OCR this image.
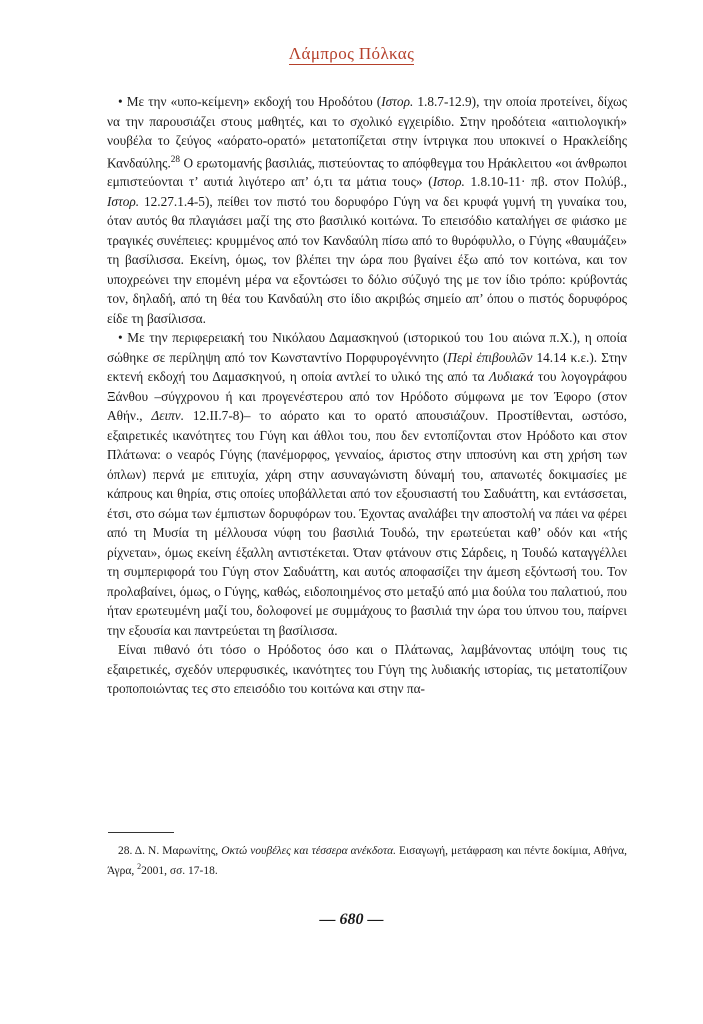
Λάμπρος Πόλκας

• Με την «υπο-κείμενη» εκδοχή του Ηροδότου (Ιστορ. 1.8.7-12.9), την οποία προτείνει, δίχως να την παρουσιάζει στους μαθητές, και το σχολικό εγχειρίδιο. Στην ηροδότεια «αιτιολογική» νουβέλα το ζεύγος «αόρατο-ορατό» μετατοπίζεται στην ίντριγκα που υποκινεί ο Ηρακλείδης Κανδαύλης.$^{28}$ Ο ερωτομανής βασιλιάς, πιστεύοντας το απόφθεγμα του Ηράκλειτου «οι άνθρωποι εμπιστεύονται τ’ αυτιά λιγότερο απ’ ό,τι τα μάτια τους» (Ιστορ. 1.8.10-11· πβ. στον Πολύβ., Ιστορ. 12.27.1.4-5), πείθει τον πιστό του δορυφόρο Γύγη να δει κρυφά γυμνή τη γυναίκα του, όταν αυτός θα πλαγιάσει μαζί της στο βασιλικό κοιτώνα. Το επεισόδιο καταλήγει σε φιάσκο με τραγικές συνέπειες: κρυμμένος από τον Κανδαύλη πίσω από το θυρόφυλλο, ο Γύγης «θαυμάζει» τη βασίλισσα. Εκείνη, όμως, τον βλέπει την ώρα που βγαίνει έξω από τον κοιτώνα, και τον υποχρεώνει την επομένη μέρα να εξοντώσει το δόλιο σύζυγό της με τον ίδιο τρόπο: κρύβοντάς τον, δηλαδή, από τη θέα του Κανδαύλη στο ίδιο ακριβώς σημείο απ’ όπου ο πιστός δορυφόρος είδε τη βασίλισσα.

• Με την περιφερειακή του Νικόλαου Δαμασκηνού (ιστορικού του 1ου αιώνα π.Χ.), η οποία σώθηκε σε περίληψη από τον Κωνσταντίνο Πορφυρογέννητο (Περὶ ἐπιβουλῶν 14.14 κ.ε.). Στην εκτενή εκδοχή του Δαμασκηνού, η οποία αντλεί το υλικό της από τα Λυδιακά του λογογράφου Ξάνθου –σύγχρονου ή και προγενέστερου από τον Ηρόδοτο σύμφωνα με τον Έφορο (στον Αθήν., Δειπν. 12.II.7-8)– το αόρατο και το ορατό απουσιάζουν. Προστίθενται, ωστόσο, εξαιρετικές ικανότητες του Γύγη και άθλοι του, που δεν εντοπίζονται στον Ηρόδοτο και στον Πλάτωνα: ο νεαρός Γύγης (πανέμορφος, γενναίος, άριστος στην ιπποσύνη και στη χρήση των όπλων) περνά με επιτυχία, χάρη στην ασυναγώνιστη δύναμή του, απανωτές δοκιμασίες με κάπρους και θηρία, στις οποίες υποβάλλεται από τον εξουσιαστή του Σαδυάττη, και εντάσσεται, έτσι, στο σώμα των έμπιστων δορυφόρων του. Έχοντας αναλάβει την αποστολή να πάει να φέρει από τη Μυσία τη μέλλουσα νύφη του βασιλιά Τουδώ, την ερωτεύεται καθ’ οδόν και «τής ρίχνεται», όμως εκείνη έξαλλη αντιστέκεται. Όταν φτάνουν στις Σάρδεις, η Τουδώ καταγγέλλει τη συμπεριφορά του Γύγη στον Σαδυάττη, και αυτός αποφασίζει την άμεση εξόντωσή του. Τον προλαβαίνει, όμως, ο Γύγης, καθώς, ειδοποιημένος στο μεταξύ από μια δούλα του παλατιού, που ήταν ερωτευμένη μαζί του, δολοφονεί με συμμάχους το βασιλιά την ώρα του ύπνου του, παίρνει την εξουσία και παντρεύεται τη βασίλισσα.

Είναι πιθανό ότι τόσο ο Ηρόδοτος όσο και ο Πλάτωνας, λαμβάνοντας υπόψη τους τις εξαιρετικές, σχεδόν υπερφυσικές, ικανότητες του Γύγη της λυδιακής ιστορίας, τις μετατοπίζουν τροποποιώντας τες στο επεισόδιο του κοιτώνα και στην πα-

28. Δ. Ν. Μαρωνίτης, Οκτώ νουβέλες και τέσσερα ανέκδοτα. Εισαγωγή, μετάφραση και πέντε δοκίμια, Αθήνα, Άγρα, $^2$2001, σσ. 17-18.
— 680 —
